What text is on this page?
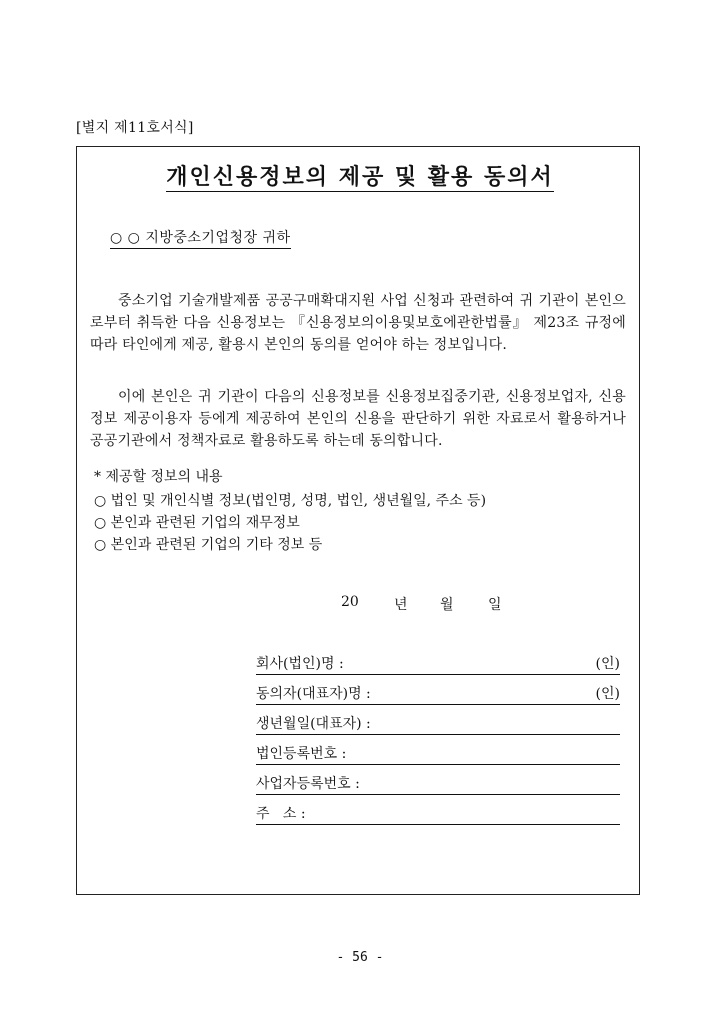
[별지 제11호서식]
개인신용정보의 제공 및 활용 동의서
○ ○ 지방중소기업청장 귀하
중소기업 기술개발제품 공공구매확대지원 사업 신청과 관련하여 귀 기관이 본인으로부터 취득한 다음 신용정보는 『신용정보의이용및보호에관한법률』 제23조 규정에 따라 타인에게 제공, 활용시 본인의 동의를 얻어야 하는 정보입니다.
이에 본인은 귀 기관이 다음의 신용정보를 신용정보집중기관, 신용정보업자, 신용정보 제공이용자 등에게 제공하여 본인의 신용을 판단하기 위한 자료로서 활용하거나 공공기관에서 정책자료로 활용하도록 하는데 동의합니다.
* 제공할 정보의 내용
○ 법인 및 개인식별 정보(법인명, 성명, 법인, 생년월일, 주소 등)
○ 본인과 관련된 기업의 재무정보
○ 본인과 관련된 기업의 기타 정보 등
20	년 월 일
회사(법인)명 :	(인)
동의자(대표자)명 :	(인)
생년월일(대표자) :
법인등록번호 :
사업자등록번호 :
주   소 :
- 56 -
